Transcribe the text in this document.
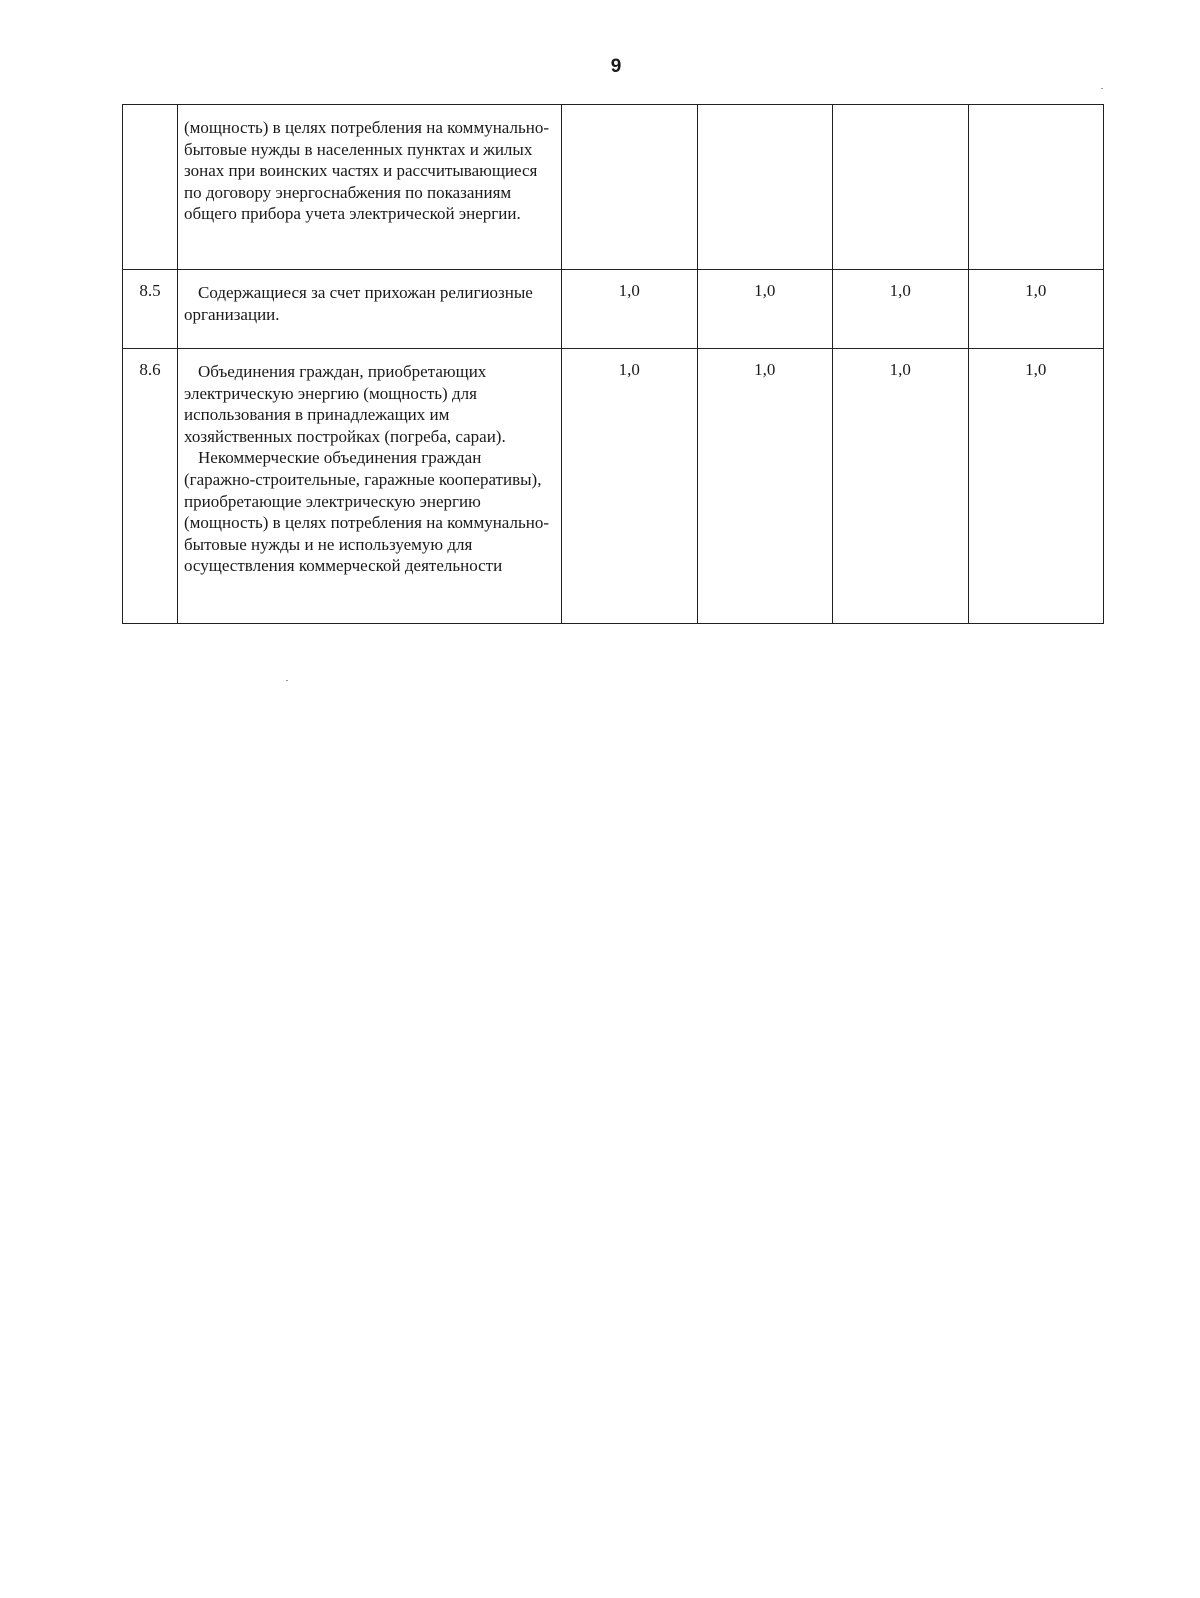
9

	(мощность) в целях потребления на коммунально-бытовые нужды в населенных пунктах и жилых зонах при воинских частях и рассчитывающиеся по договору энергоснабжения по показаниям общего прибора учета электрической энергии.				

8.5	Содержащиеся за счет прихожан религиозные организации.	1,0	1,0	1,0	1,0
8.6	Объединения граждан, приобретающих электрическую энергию (мощность) для использования в принадлежащих им хозяйственных постройках (погреба, сараи).
Некоммерческие объединения граждан (гаражно-строительные, гаражные кооперативы), приобретающие электрическую энергию (мощность) в целях потребления на коммунально-бытовые нужды и не используемую для осуществления коммерческой деятельности	1,0	1,0	1,0	1,0
